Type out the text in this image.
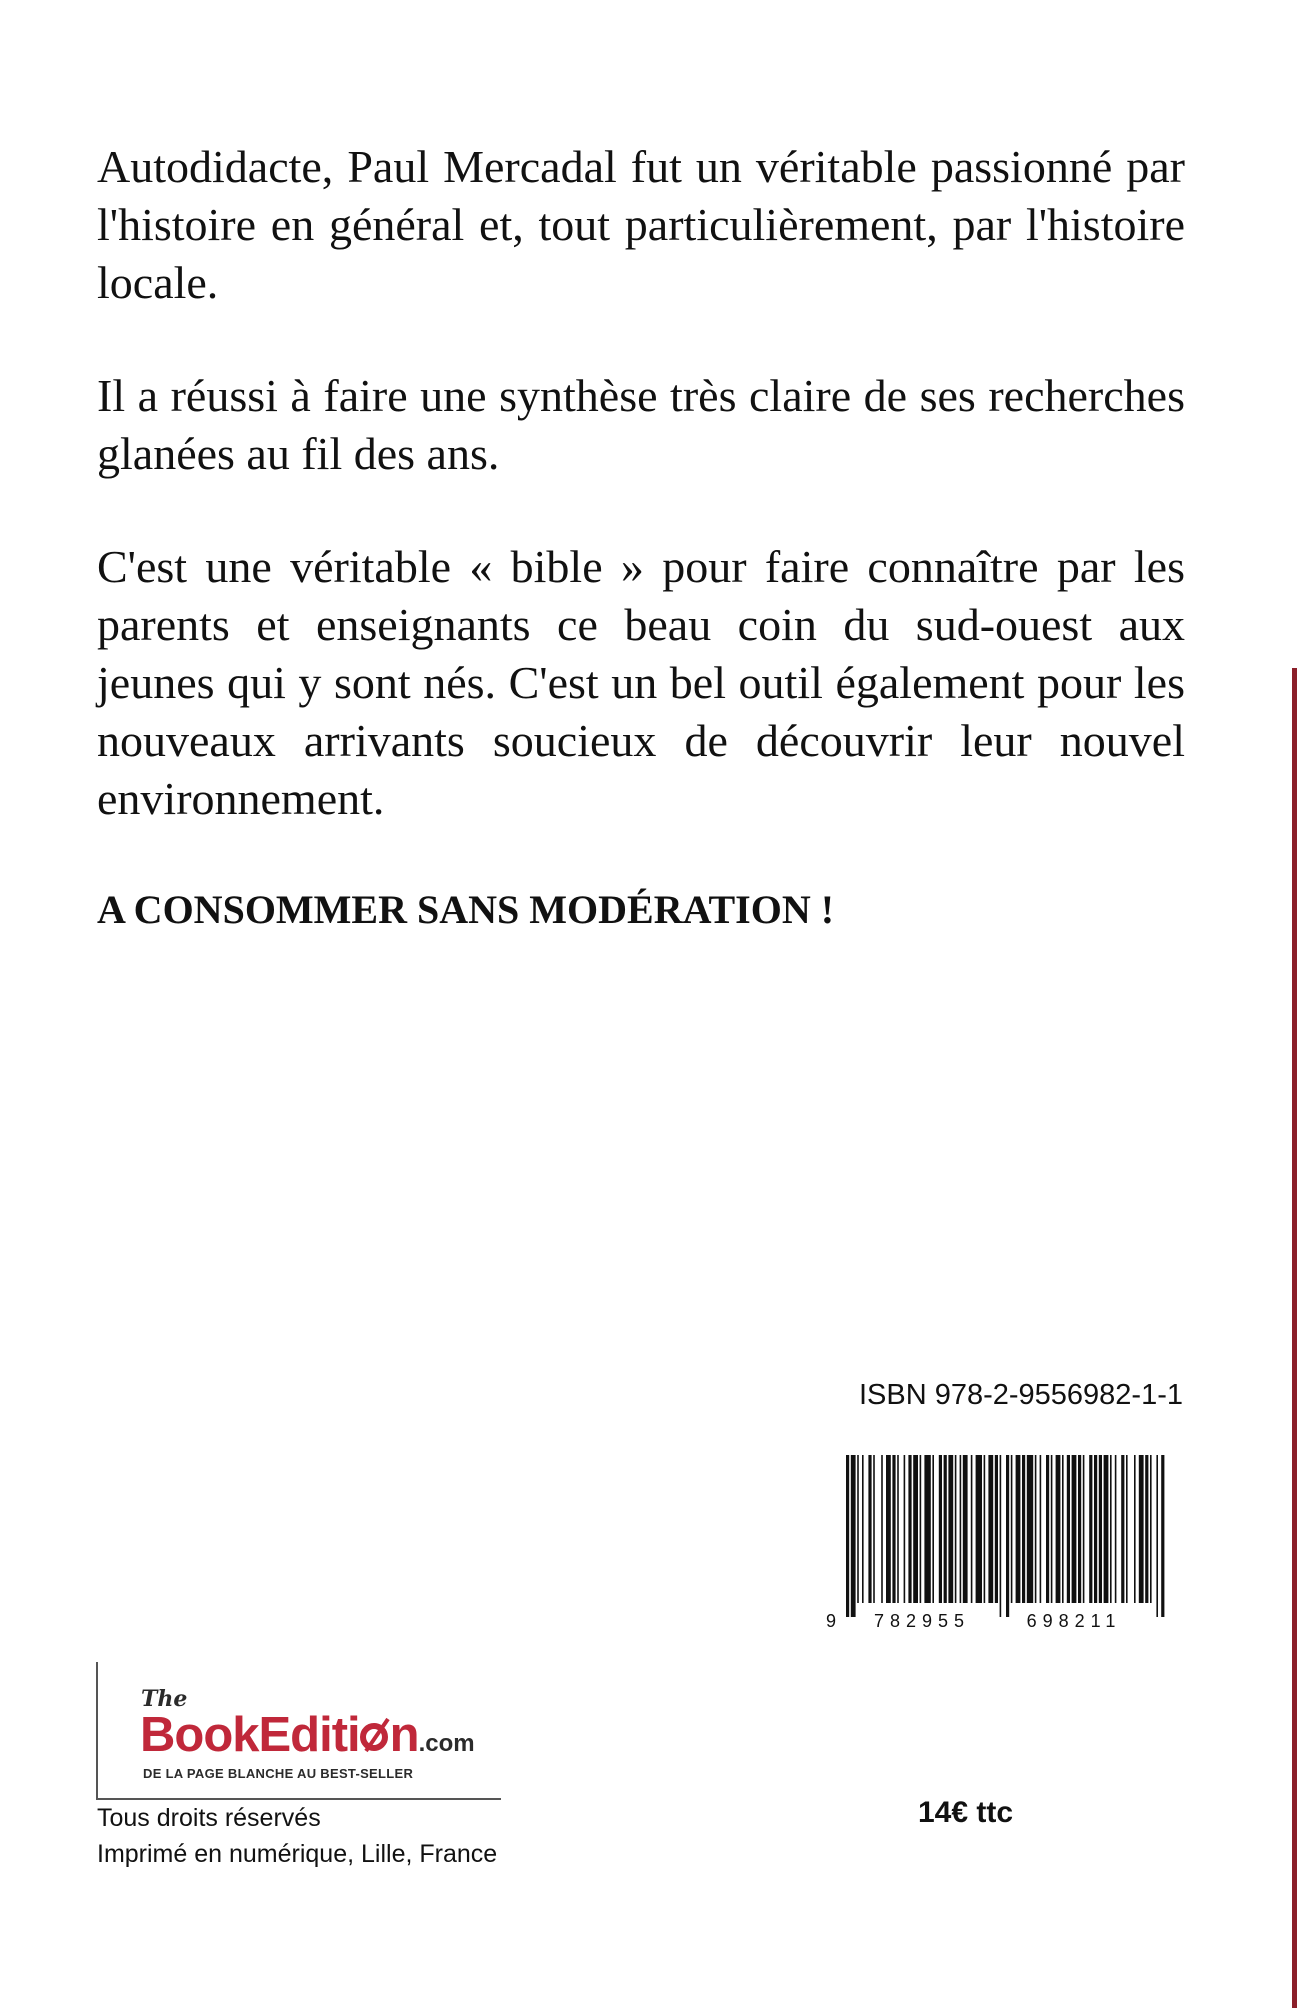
Autodidacte, Paul Mercadal fut un véritable passionné par l'histoire en général et, tout particulièrement, par l'histoire locale.

Il a réussi à faire une synthèse très claire de ses recherches glanées au fil des ans.

C'est une véritable « bible » pour faire connaître par les parents et enseignants ce beau coin du sud-ouest aux jeunes qui y sont nés. C'est un bel outil également pour les nouveaux arrivants soucieux de découvrir leur nouvel environnement.

A CONSOMMER SANS MODÉRATION !

ISBN 978-2-9556982-1-1
9 782955	698211
The
BookEditi n.com
DE LA PAGE BLANCHE AU BEST-SELLER
Tous droits réservés
Imprimé en numérique, Lille, France
14€ ttc
